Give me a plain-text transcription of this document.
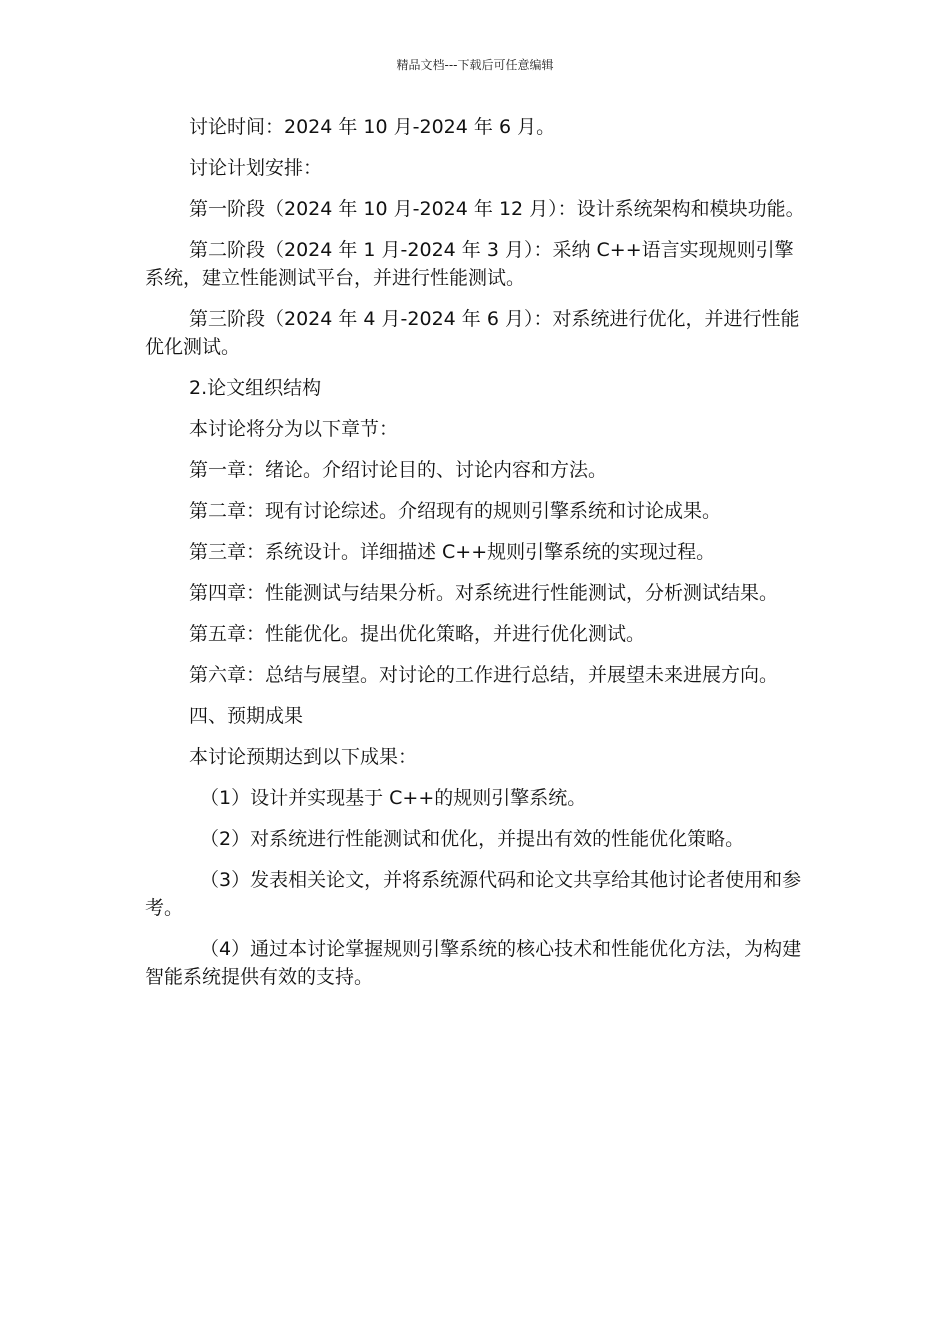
精品文档---下载后可任意编辑

讨论时间：2024 年 10 月-2024 年 6 月。

讨论计划安排：

第一阶段（2024 年 10 月-2024 年 12 月）：设计系统架构和模块功能。

第二阶段（2024 年 1 月-2024 年 3 月）：采纳 C++语言实现规则引擎系统，建立性能测试平台，并进行性能测试。

第三阶段（2024 年 4 月-2024 年 6 月）：对系统进行优化，并进行性能优化测试。

2.论文组织结构

本讨论将分为以下章节：

第一章：绪论。介绍讨论目的、讨论内容和方法。

第二章：现有讨论综述。介绍现有的规则引擎系统和讨论成果。

第三章：系统设计。详细描述 C++规则引擎系统的实现过程。

第四章：性能测试与结果分析。对系统进行性能测试，分析测试结果。

第五章：性能优化。提出优化策略，并进行优化测试。

第六章：总结与展望。对讨论的工作进行总结，并展望未来进展方向。

四、预期成果

本讨论预期达到以下成果：

（1）设计并实现基于 C++的规则引擎系统。

（2）对系统进行性能测试和优化，并提出有效的性能优化策略。

（3）发表相关论文，并将系统源代码和论文共享给其他讨论者使用和参考。

（4）通过本讨论掌握规则引擎系统的核心技术和性能优化方法，为构建智能系统提供有效的支持。
